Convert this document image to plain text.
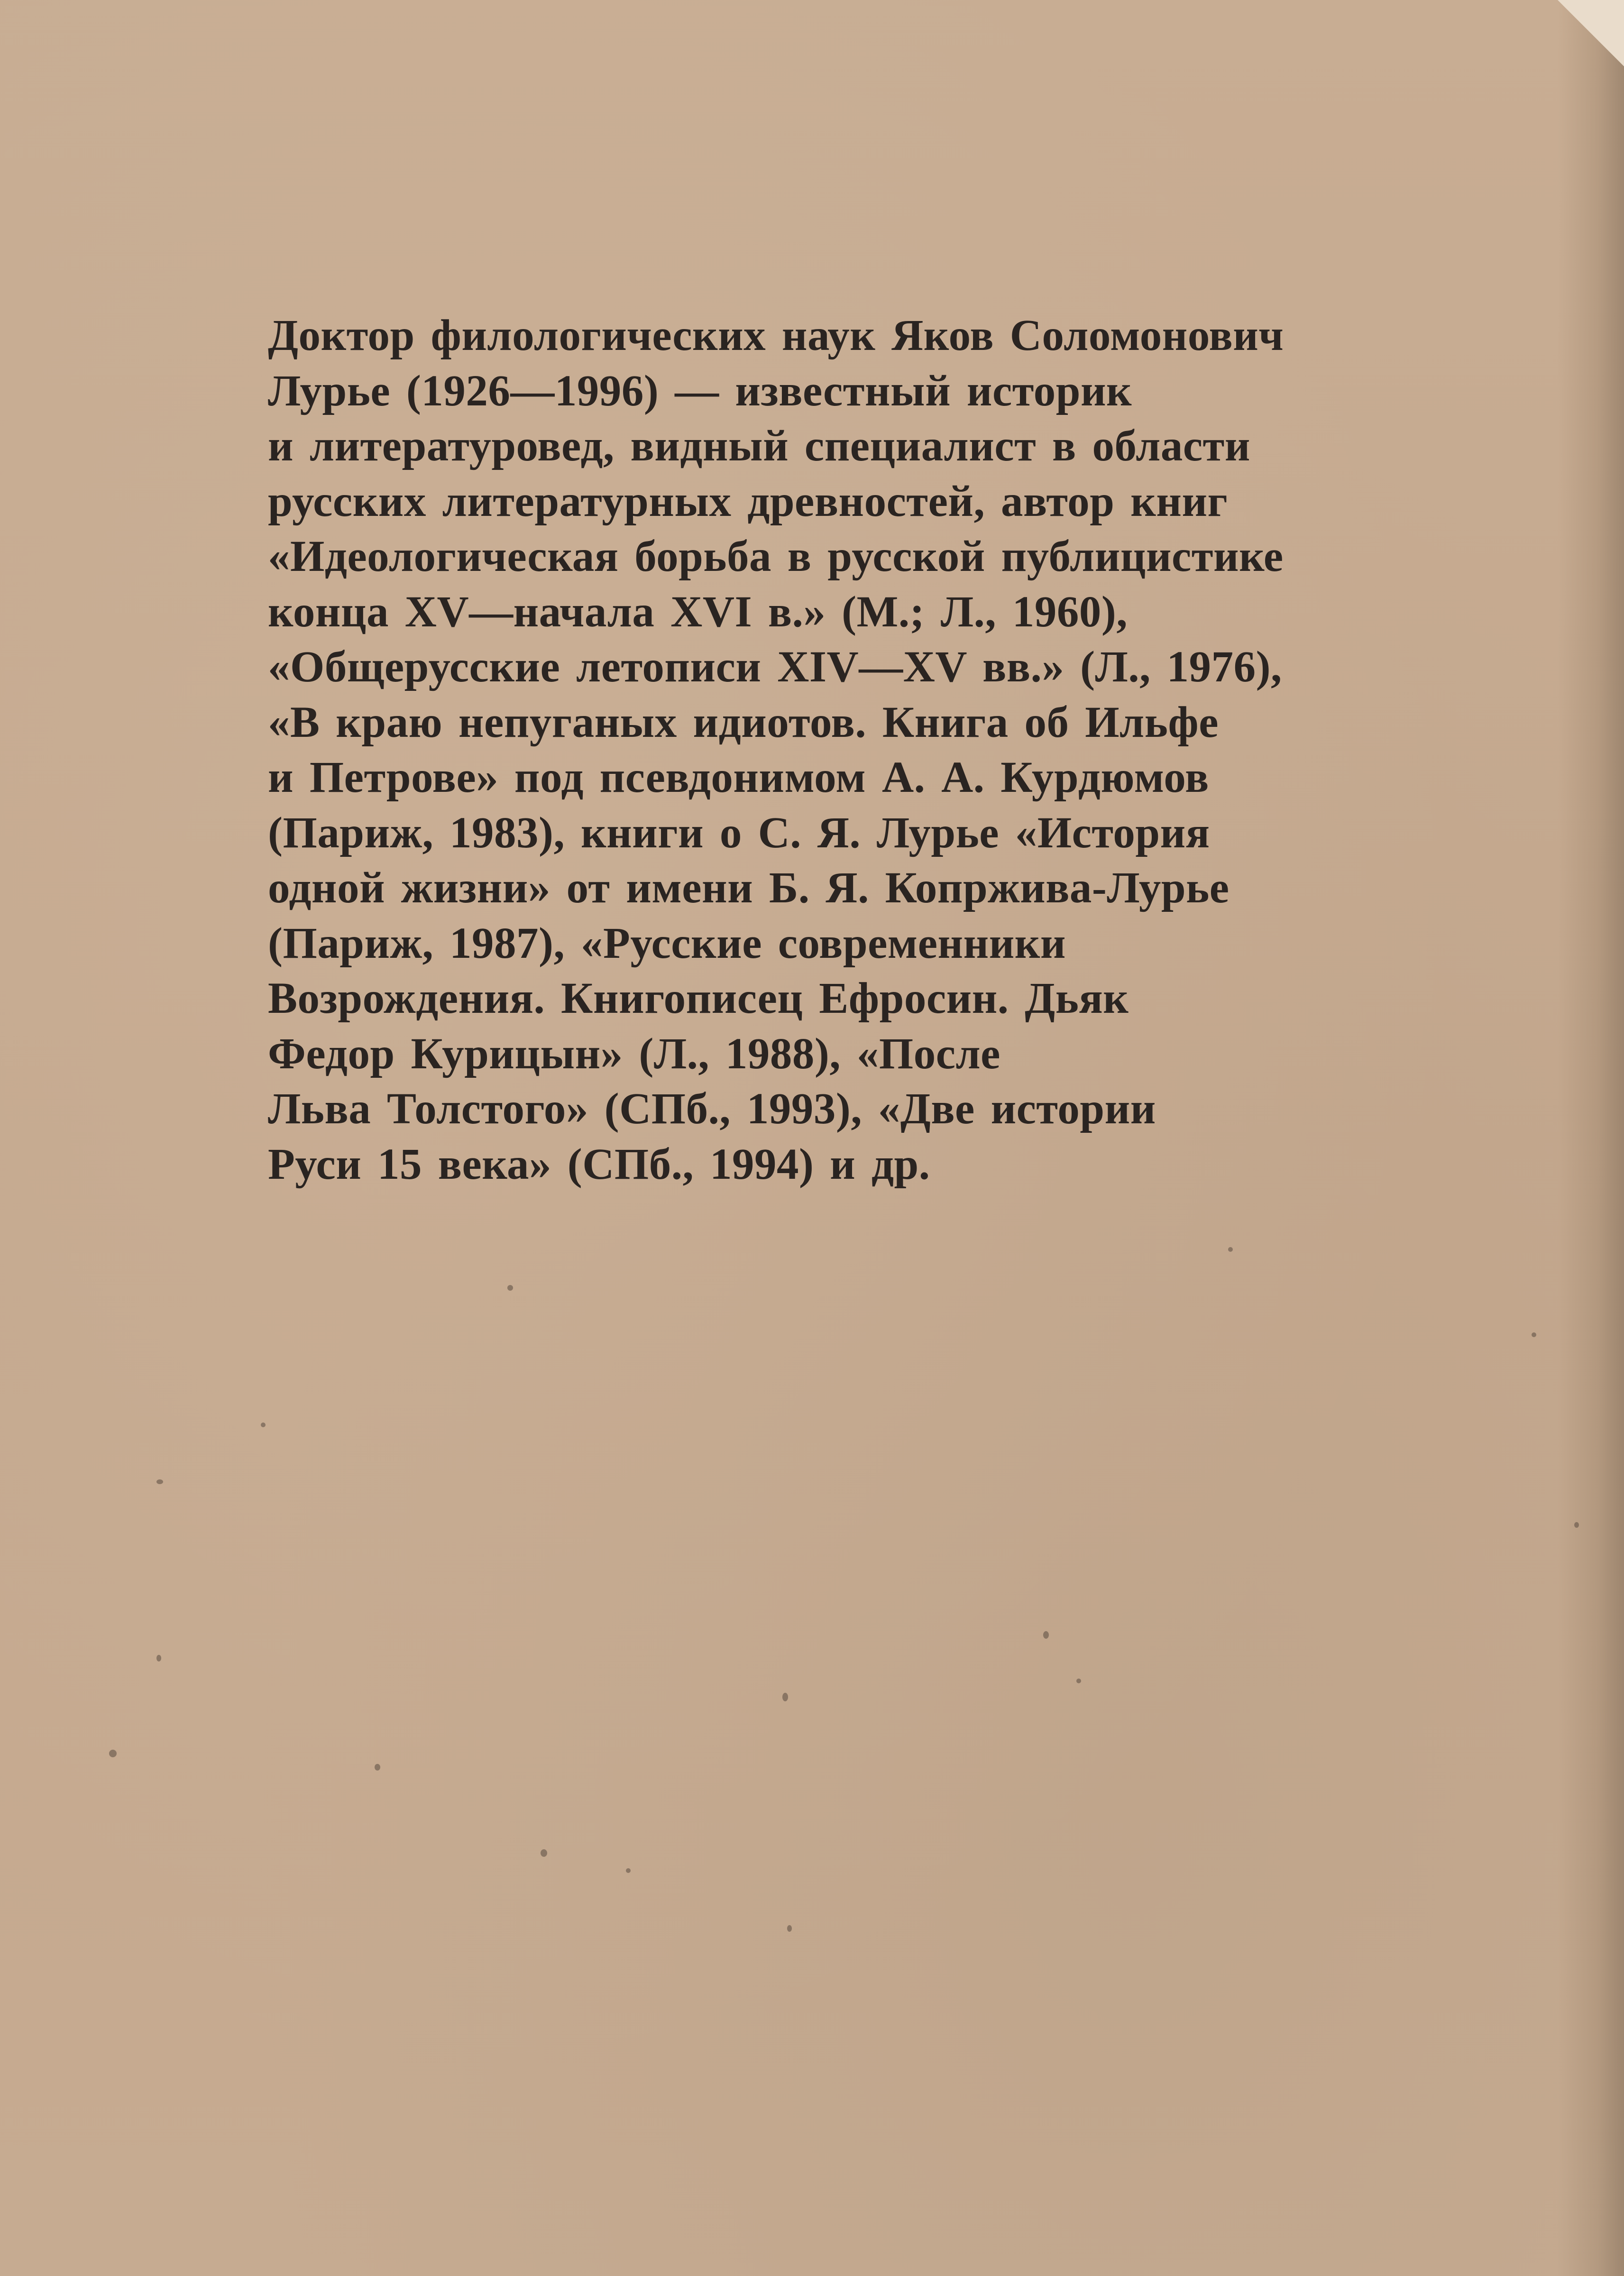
Доктор филологических наук Яков Соломонович
Лурье (1926—1996) — известный историк
и литературовед, видный специалист в области
русских литературных древностей, автор книг
«Идеологическая борьба в русской публицистике
конца XV—начала XVI в.» (М.; Л., 1960),
«Общерусские летописи XIV—XV вв.» (Л., 1976),
«В краю непуганых идиотов. Книга об Ильфе
и Петрове» под псевдонимом А. А. Курдюмов
(Париж, 1983), книги о С. Я. Лурье «История
одной жизни» от имени Б. Я. Копржива-Лурье
(Париж, 1987), «Русские современники
Возрождения. Книгописец Ефросин. Дьяк
Федор Курицын» (Л., 1988), «После
Льва Толстого» (СПб., 1993), «Две истории
Руси 15 века» (СПб., 1994) и др.
